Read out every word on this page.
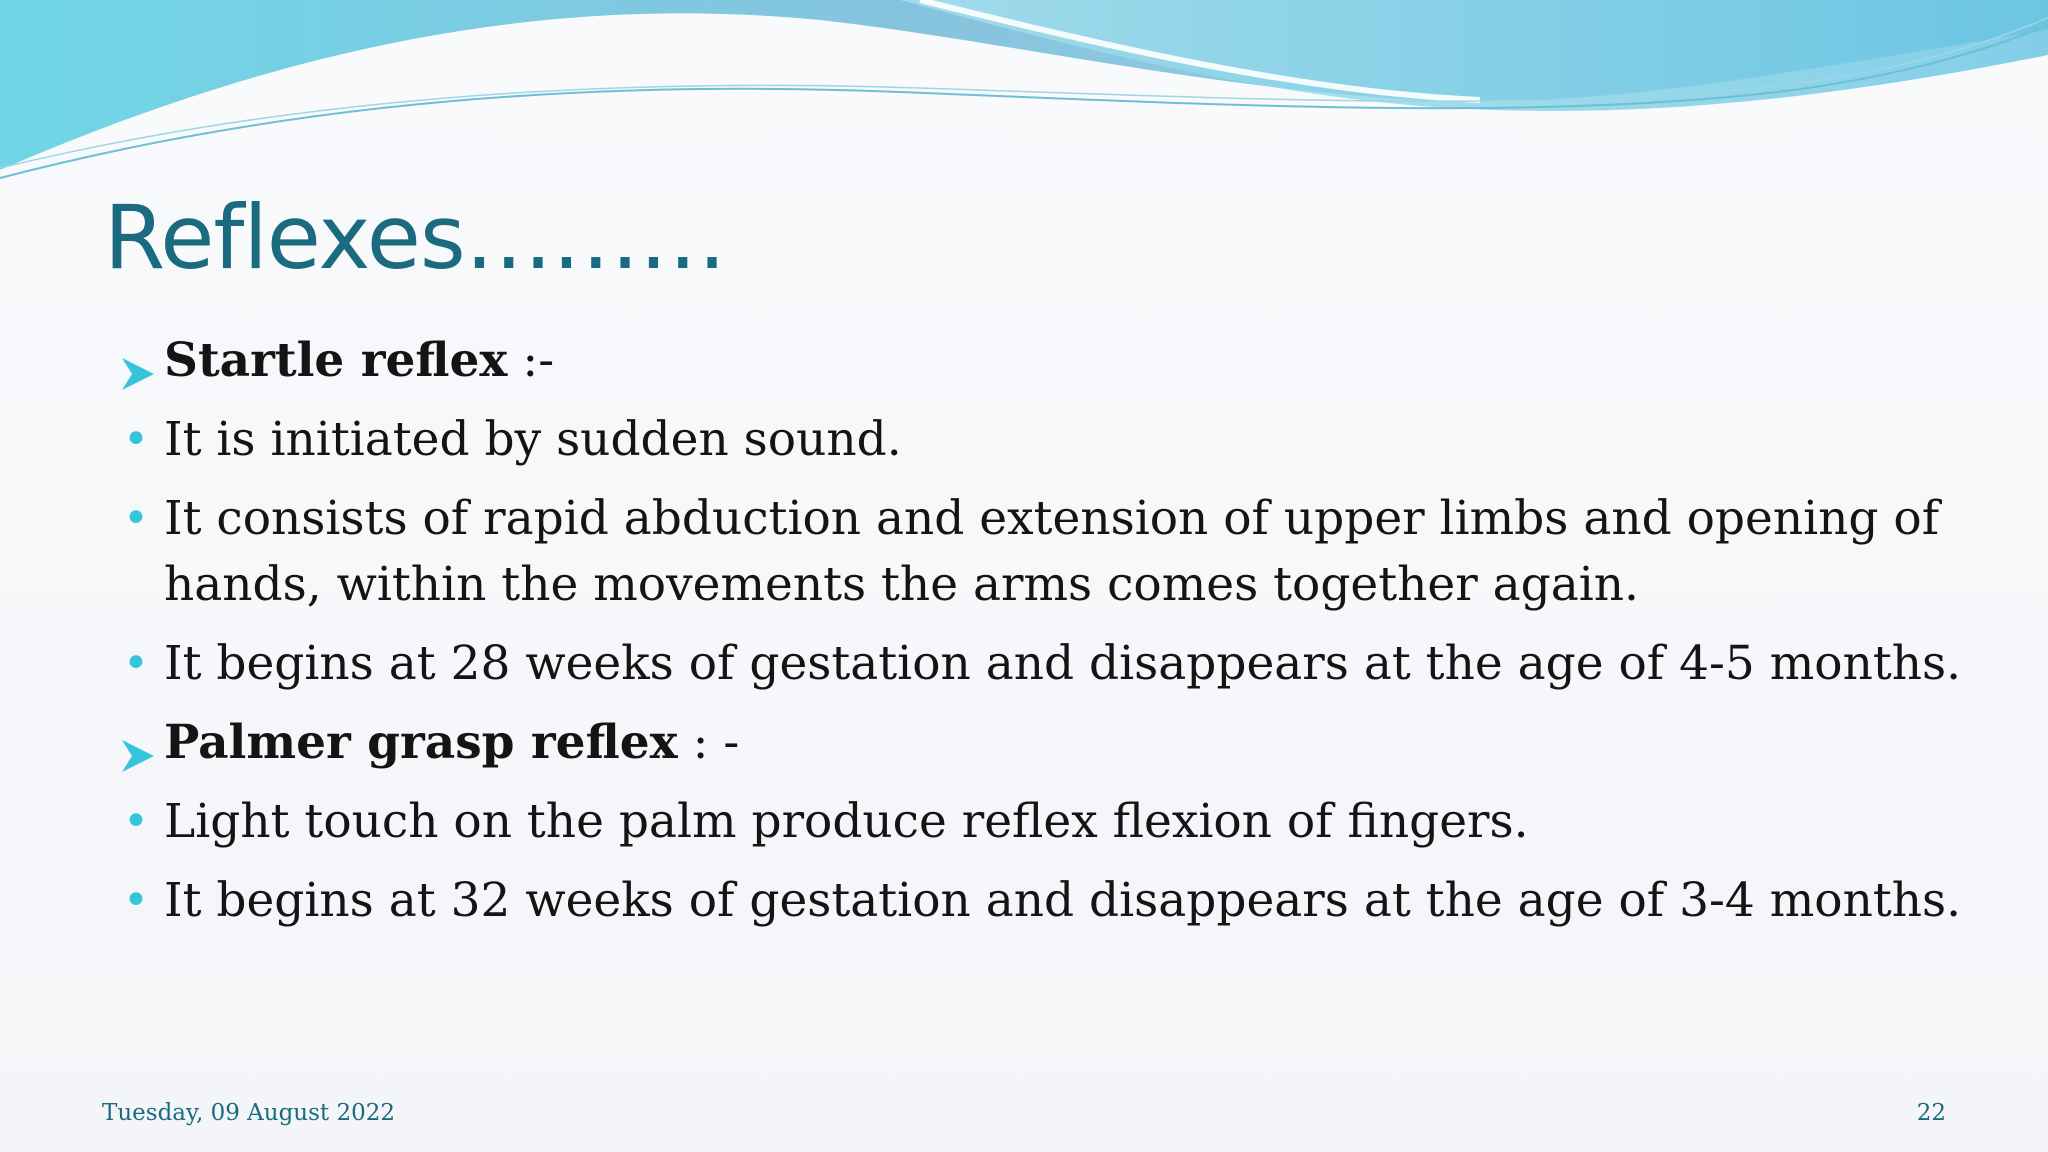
Reflexes………
Startle reflex :-
• It is initiated by sudden sound.
• It consists of rapid abduction and extension of upper limbs and opening of hands, within the movements the arms comes together again.
• It begins at 28 weeks of gestation and disappears at the age of 4-5 months.
Palmer grasp reflex : -
• Light touch on the palm produce reflex flexion of fingers.
• It begins at 32 weeks of gestation and disappears at the age of 3-4 months.
Tuesday, 09 August 2022	22
